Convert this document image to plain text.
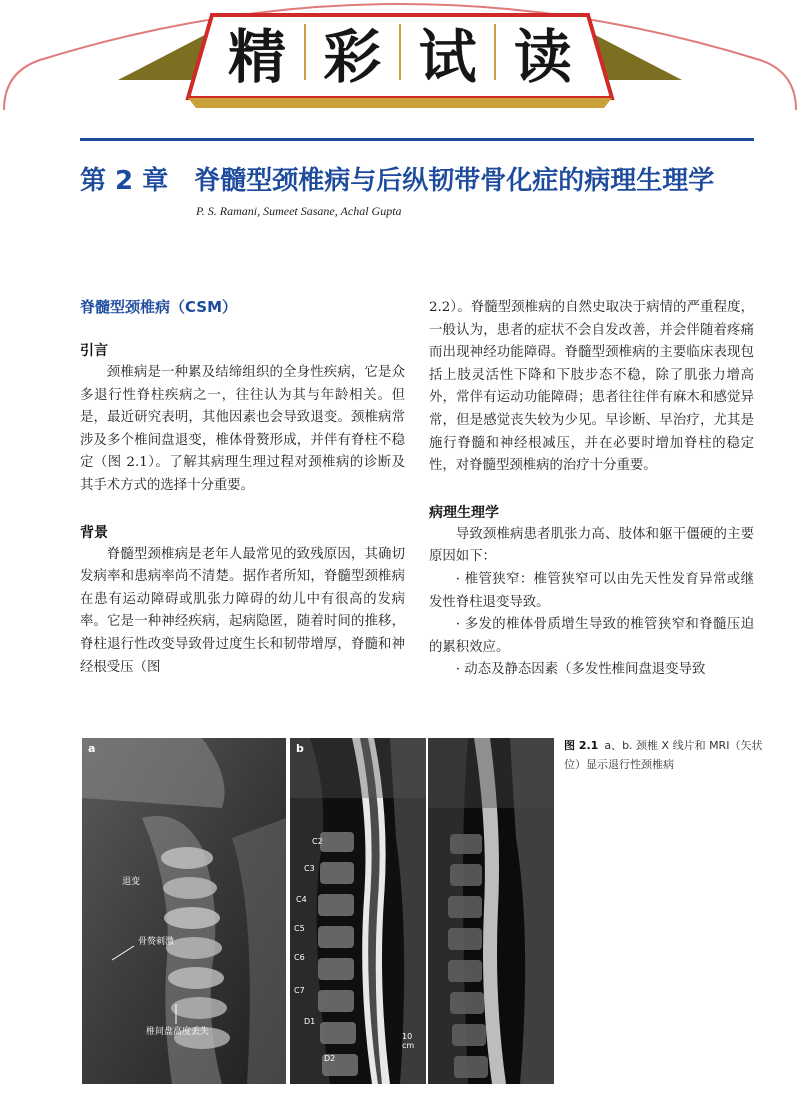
精 彩 试 读
第 2 章 脊髓型颈椎病与后纵韧带骨化症的病理生理学
P. S. Ramani, Sumeet Sasane, Achal Gupta
脊髓型颈椎病（CSM）
引言

颈椎病是一种累及结缔组织的全身性疾病，它是众多退行性脊柱疾病之一，往往认为其与年龄相关。但是，最近研究表明，其他因素也会导致退变。颈椎病常涉及多个椎间盘退变，椎体骨赘形成，并伴有脊柱不稳定（图 2.1）。了解其病理生理过程对颈椎病的诊断及其手术方式的选择十分重要。

背景

脊髓型颈椎病是老年人最常见的致残原因，其确切发病率和患病率尚不清楚。据作者所知，脊髓型颈椎病在患有运动障碍或肌张力障碍的幼儿中有很高的发病率。它是一种神经疾病，起病隐匿，随着时间的推移，脊柱退行性改变导致骨过度生长和韧带增厚，脊髓和神经根受压（图

2.2）。脊髓型颈椎病的自然史取决于病情的严重程度，一般认为，患者的症状不会自发改善，并会伴随着疼痛而出现神经功能障碍。脊髓型颈椎病的主要临床表现包括上肢灵活性下降和下肢步态不稳，除了肌张力增高外，常伴有运动功能障碍；患者往往伴有麻木和感觉异常，但是感觉丧失较为少见。早诊断、早治疗，尤其是施行脊髓和神经根减压，并在必要时增加脊柱的稳定性，对脊髓型颈椎病的治疗十分重要。

病理生理学

导致颈椎病患者肌张力高、肢体和躯干僵硬的主要原因如下：

· 椎管狭窄：椎管狭窄可以由先天性发育异常或继发性脊柱退变导致。

· 多发的椎体骨质增生导致的椎管狭窄和脊髓压迫的累积效应。

· 动态及静态因素（多发性椎间盘退变导致

a
退变
骨赘刺激
椎间盘高度丢失
b
C2
C3
C4
C5
C6
C7
D1
D2
10 cm
图 2.1 a、b. 颈椎 X 线片和 MRI（矢状位）显示退行性颈椎病
